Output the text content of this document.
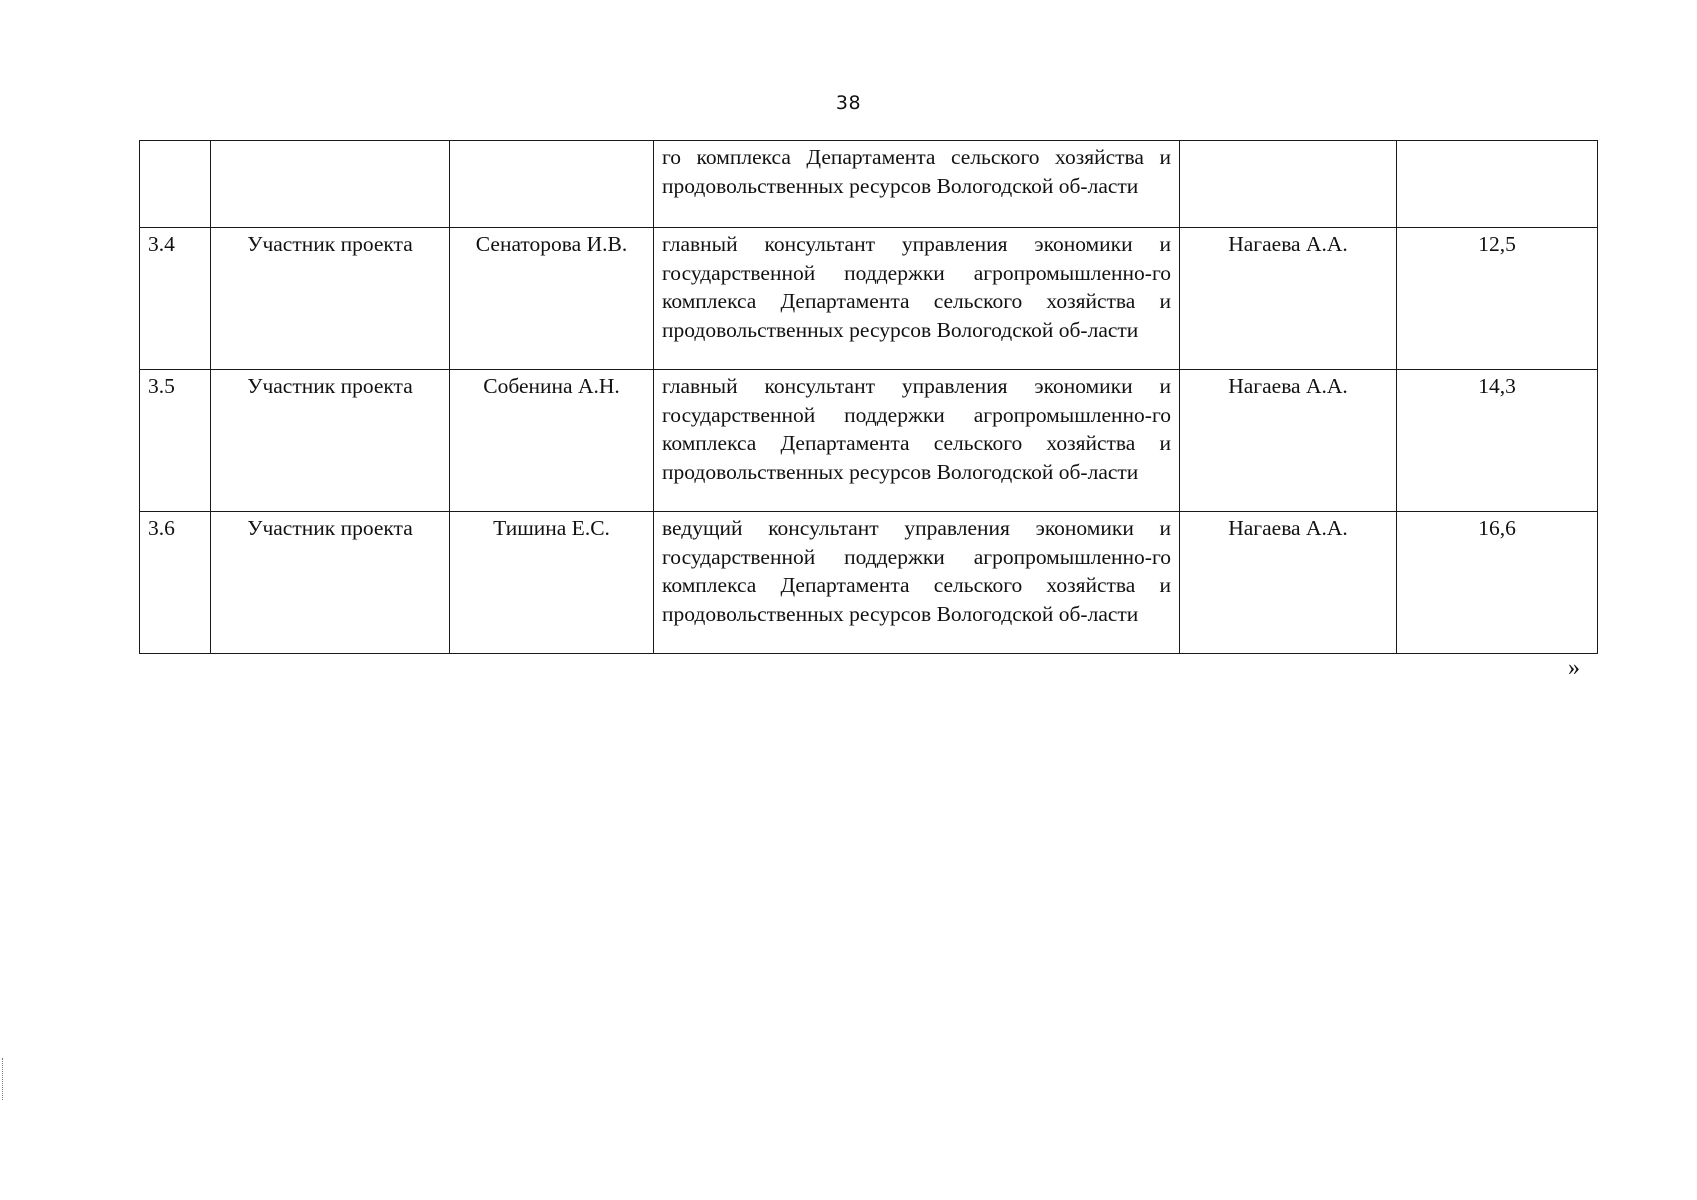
38
			го комплекса Департамента сельского хозяйства и продовольственных ресурсов Вологодской об-ласти		
3.4	Участник проекта	Сенаторова И.В.	главный консультант управления экономики и государственной поддержки агропромышленно-го комплекса Департамента сельского хозяйства и продовольственных ресурсов Вологодской об-ласти	Нагаева А.А.	12,5
3.5	Участник проекта	Собенина А.Н.	главный консультант управления экономики и государственной поддержки агропромышленно-го комплекса Департамента сельского хозяйства и продовольственных ресурсов Вологодской об-ласти	Нагаева А.А.	14,3
3.6	Участник проекта	Тишина Е.С.	ведущий консультант управления экономики и государственной поддержки агропромышленно-го комплекса Департамента сельского хозяйства и продовольственных ресурсов Вологодской об-ласти	Нагаева А.А.	16,6
»
